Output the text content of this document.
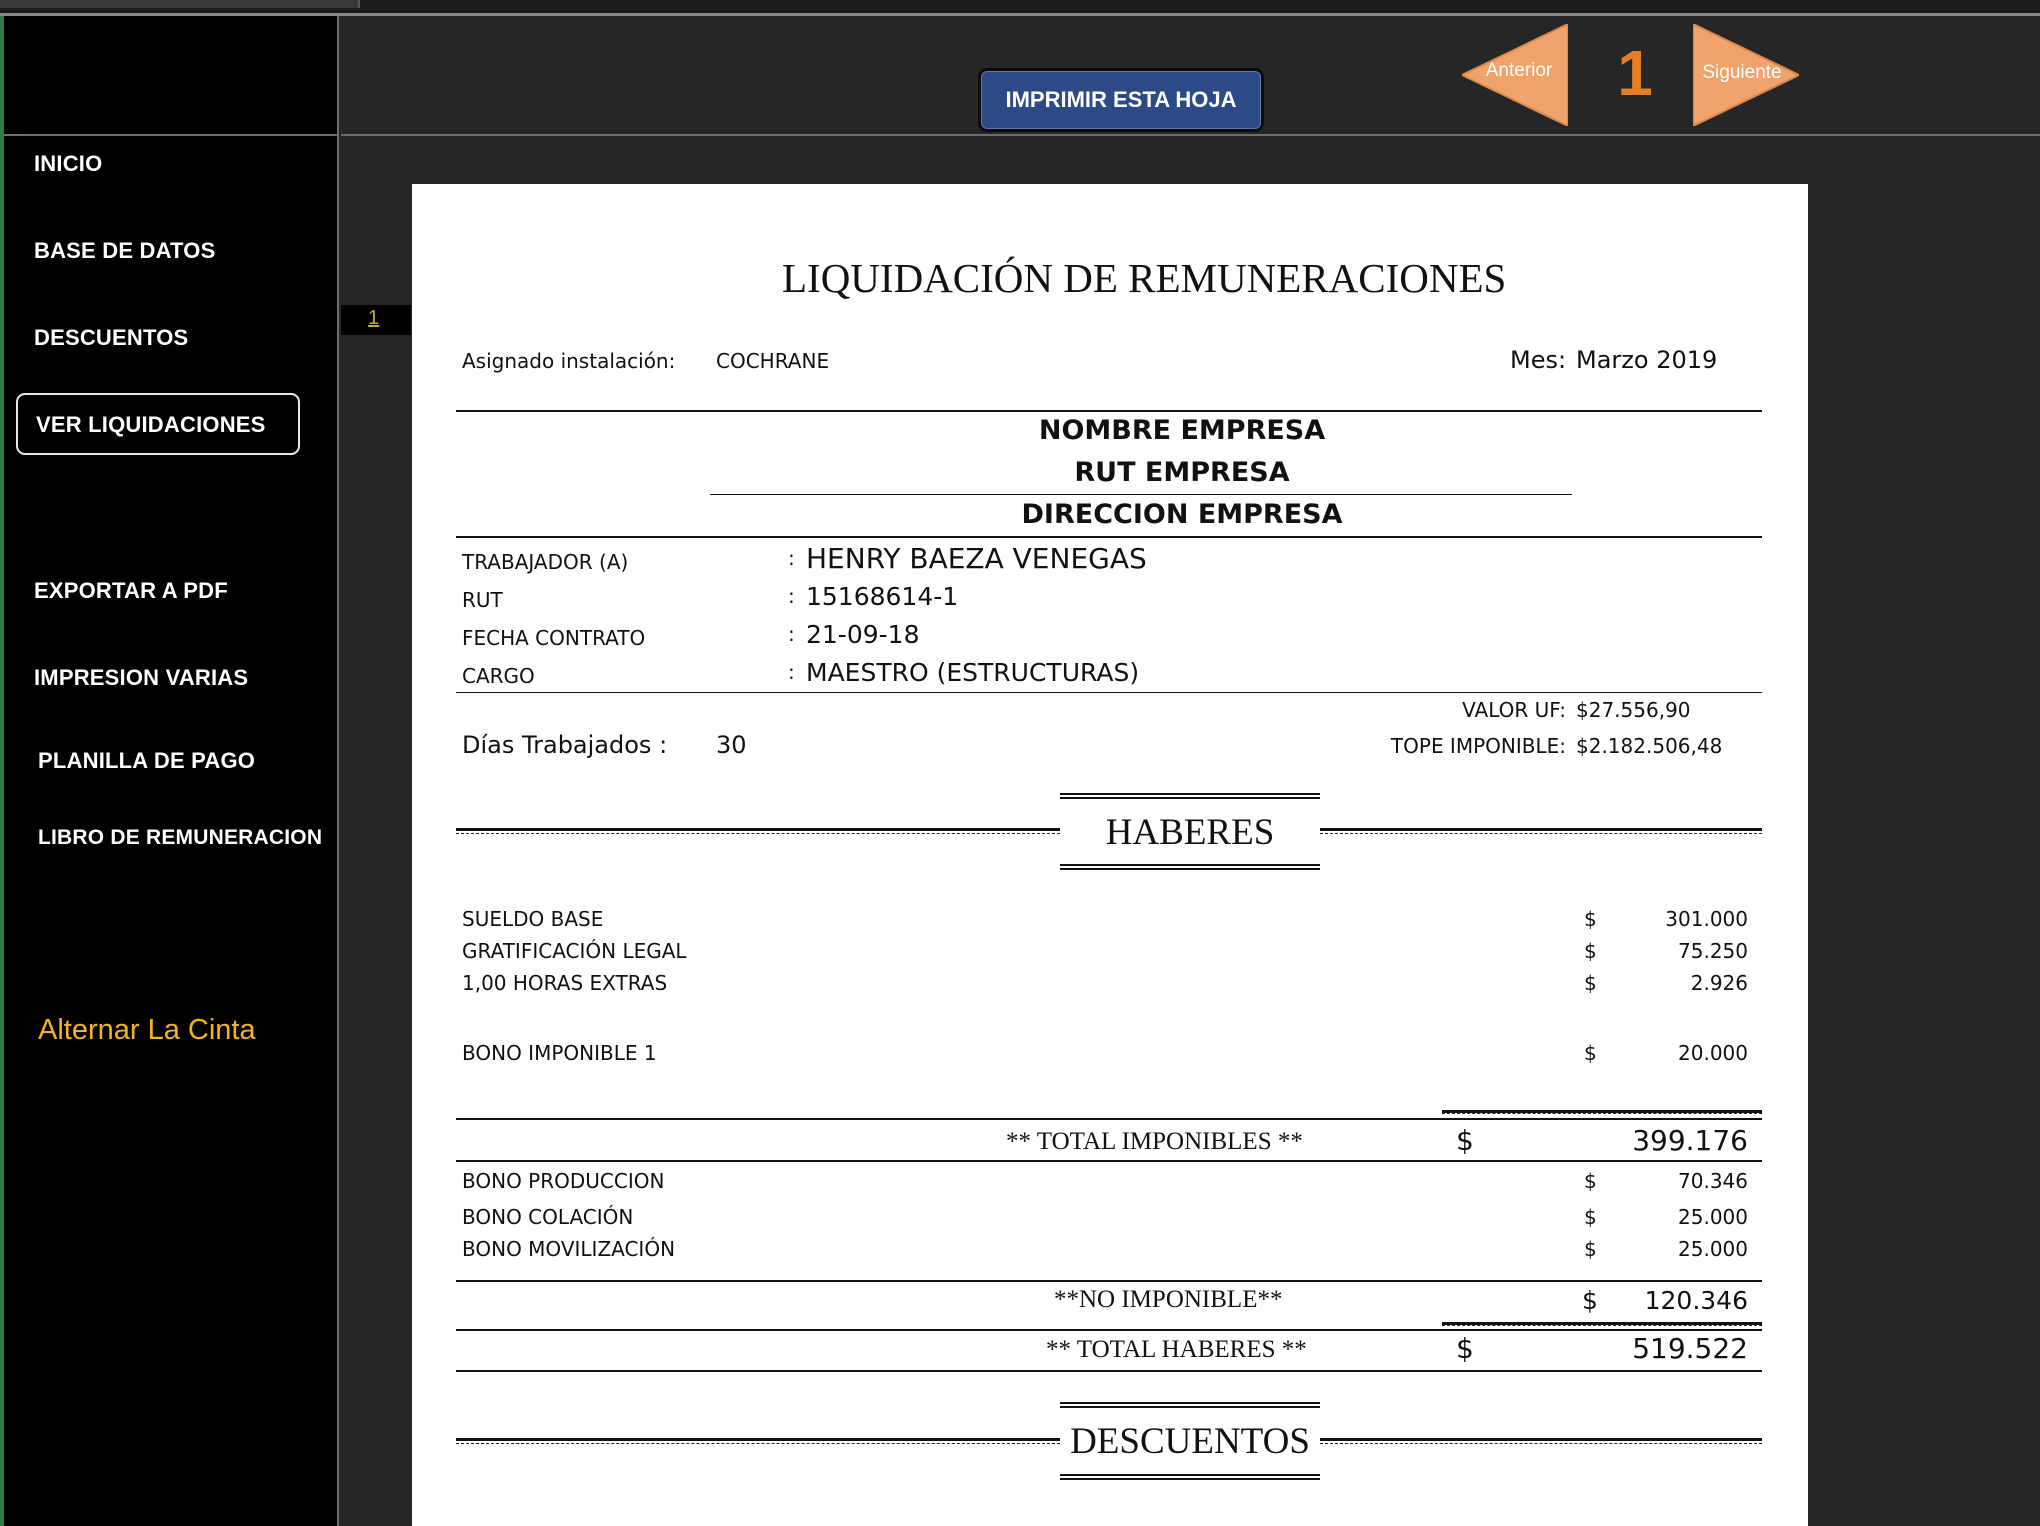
INICIO
BASE DE DATOS
DESCUENTOS
VER LIQUIDACIONES
EXPORTAR A PDF
IMPRESION VARIAS
PLANILLA DE PAGO
LIBRO DE REMUNERACION
Alternar La Cinta
IMPRIMIR ESTA HOJA
Anterior	1	Siguiente
1
LIQUIDACIÓN DE REMUNERACIONES
Asignado instalación: COCHRANE	Mes: Marzo 2019
NOMBRE EMPRESA
RUT EMPRESA
DIRECCION EMPRESA
TRABAJADOR (A)	: HENRY BAEZA VENEGAS
RUT	: 15168614-1
FECHA CONTRATO	: 21-09-18
CARGO	: MAESTRO (ESTRUCTURAS)
VALOR UF: $27.556,90
Días Trabajados : 30	TOPE IMPONIBLE: $2.182.506,48
HABERES
SUELDO BASE	$	301.000
GRATIFICACIÓN LEGAL	$	75.250
1,00 HORAS EXTRAS	$	2.926
BONO IMPONIBLE 1	$	20.000
** TOTAL IMPONIBLES **	$	399.176
BONO PRODUCCION	$	70.346
BONO COLACIÓN	$	25.000
BONO MOVILIZACIÓN	$	25.000
**NO IMPONIBLE**	$	120.346
** TOTAL HABERES **	$	519.522
DESCUENTOS
